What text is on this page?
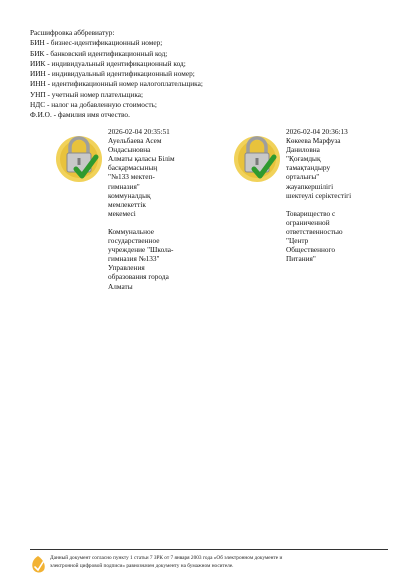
Расшифровка аббревиатур:
БИН - бизнес-идентификационный номер;
БИК - банковский идентификационный код;
ИИК - индивидуальный идентификационный код;
ИИН - индивидуальный идентификационный номер;
ИНН - идентификационный номер налогоплательщика;
УНП - учетный номер плательщика;
НДС - налог на добавленную стоимость;
Ф.И.О. - фамилия имя отчество.
2026-02-04 20:35:51
Ауельбаева Асем
Ондасыновна
Алматы қаласы Білім
басқармасының
"№133 мектеп-
гимназия"
коммуналдық
мемлекеттік
мекемесі
Коммунальное
государственное
учреждение "Школа-
гимназия №133"
Управления
образования города
Алматы
2026-02-04 20:36:13
Көкеева Марфуза
Даниловна
"Қоғамдық
тамақтандыру
орталығы"
жауапкершілігі
шектеулі серіктестігі
Товарищество с
ограниченной
ответственностью
"Центр
Общественного
Питания"
Данный документ согласно пункту 1 статьи 7 ЗРК от 7 января 2003 года «Об электронном документе и
электронной цифровой подписи» равнозначен документу на бумажном носителе.
